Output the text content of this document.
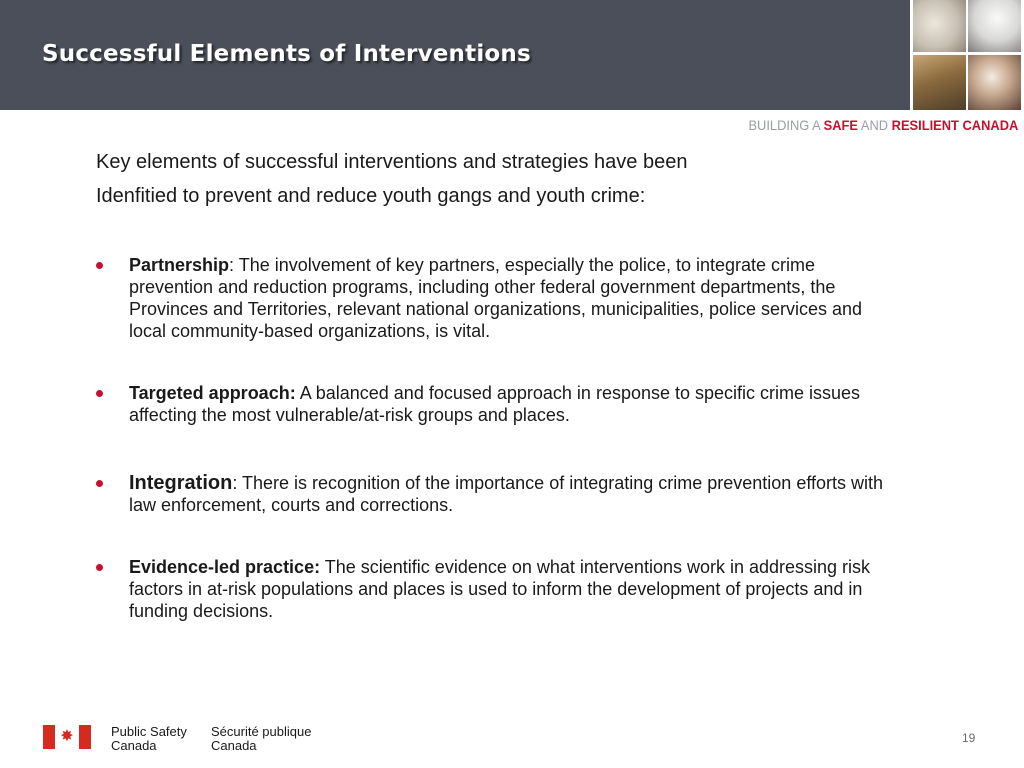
Successful Elements of Interventions
BUILDING A SAFE AND RESILIENT CANADA
Key elements of successful interventions and strategies have been
Idenfitied to prevent and reduce youth gangs and youth crime:
Partnership: The involvement of key partners, especially the police, to integrate crime prevention and reduction programs, including other federal government departments, the Provinces and Territories, relevant national organizations, municipalities, police services and local community-based organizations, is vital.
Targeted approach: A balanced and focused approach in response to specific crime issues affecting the most vulnerable/at-risk groups and places.
Integration: There is recognition of the importance of integrating crime prevention efforts with law enforcement, courts and corrections.
Evidence-led practice: The scientific evidence on what interventions work in addressing risk factors in at-risk populations and places is used to inform the development of projects and in funding decisions.
✸	Public Safety
Canada
Sécurité publique
Canada	19
